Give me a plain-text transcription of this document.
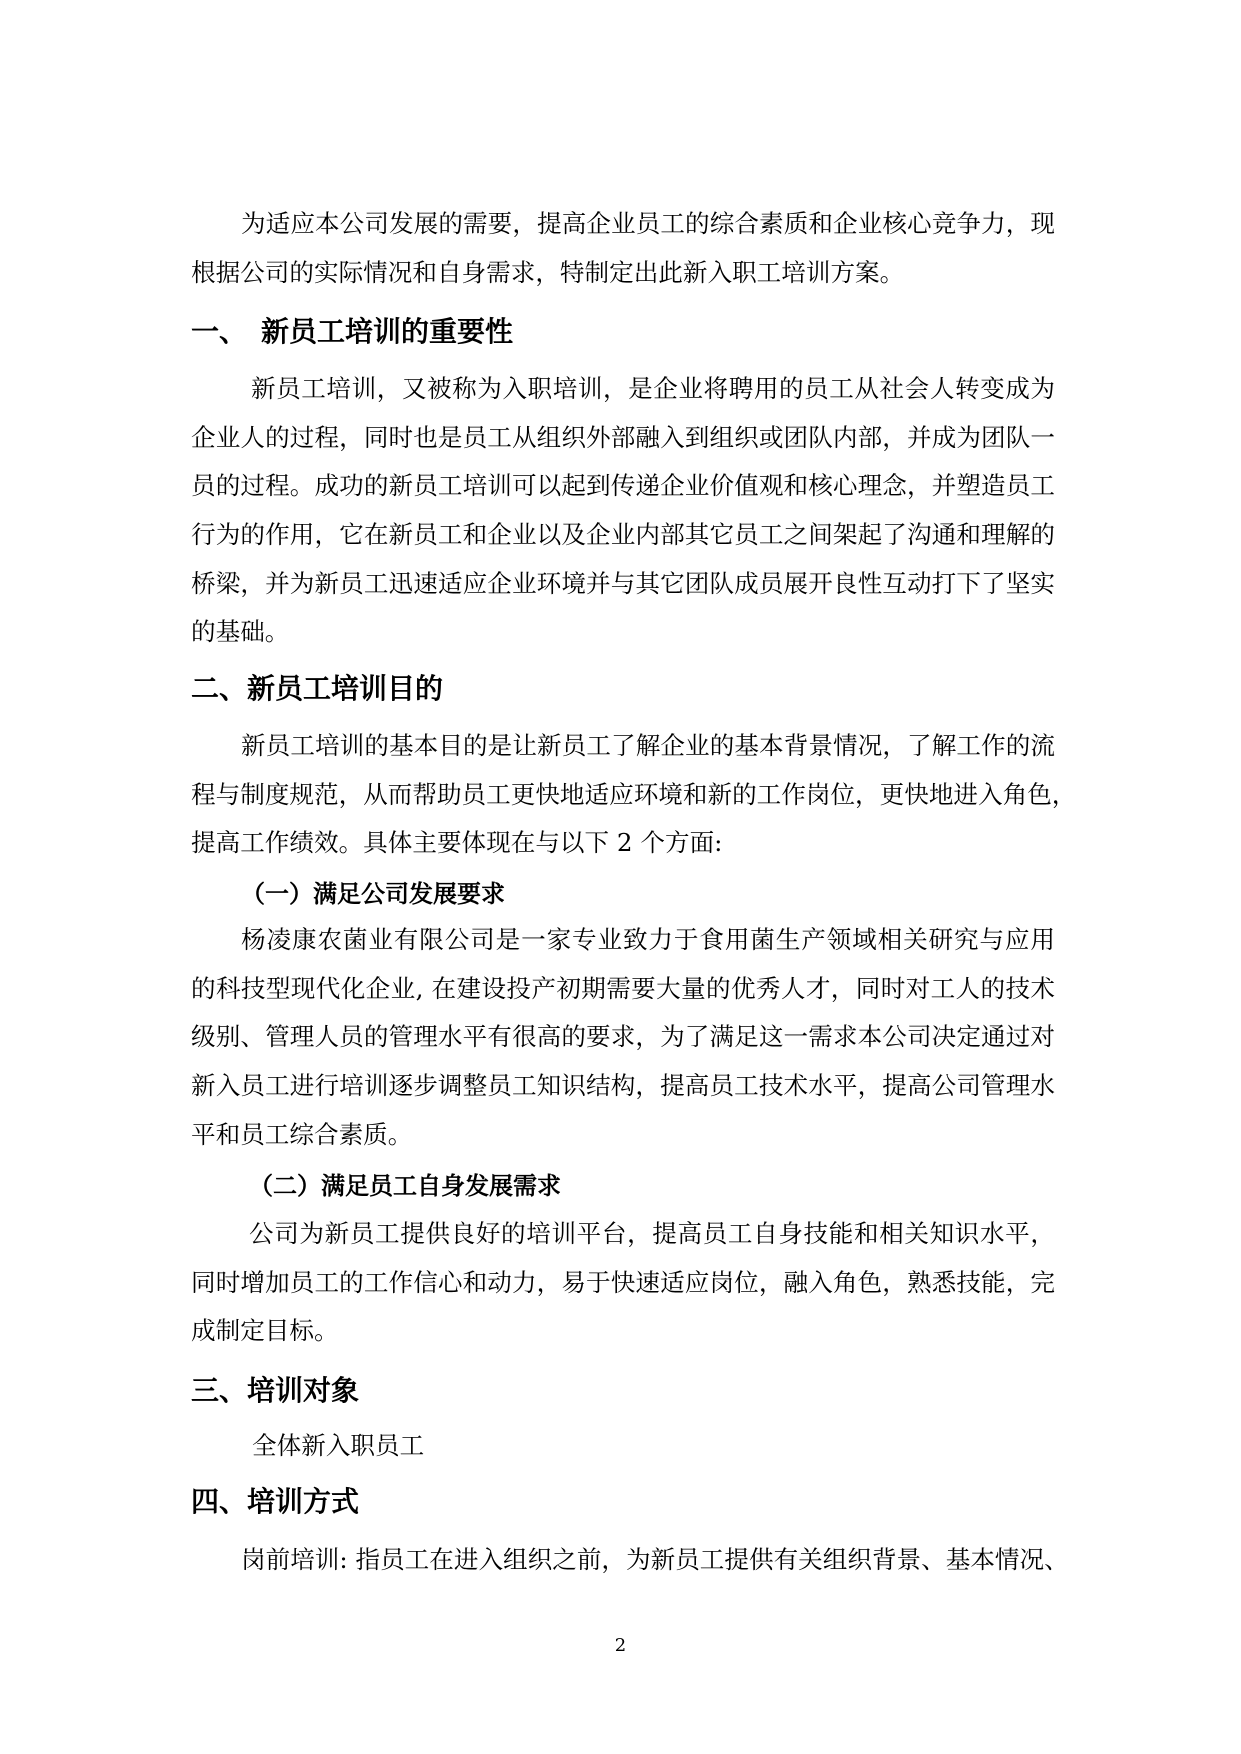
为适应本公司发展的需要，提高企业员工的综合素质和企业核心竞争力，现
根据公司的实际情况和自身需求，特制定出此新入职工培训方案。
一、 新员工培训的重要性
新员工培训，又被称为入职培训，是企业将聘用的员工从社会人转变成为
企业人的过程，同时也是员工从组织外部融入到组织或团队内部，并成为团队一
员的过程。成功的新员工培训可以起到传递企业价值观和核心理念，并塑造员工
行为的作用，它在新员工和企业以及企业内部其它员工之间架起了沟通和理解的
桥梁，并为新员工迅速适应企业环境并与其它团队成员展开良性互动打下了坚实
的基础。
二、新员工培训目的
新员工培训的基本目的是让新员工了解企业的基本背景情况，了解工作的流
程与制度规范，从而帮助员工更快地适应环境和新的工作岗位，更快地进入角色，
提高工作绩效。具体主要体现在与以下 2 个方面:
（一）满足公司发展要求
杨凌康农菌业有限公司是一家专业致力于食用菌生产领域相关研究与应用
的科技型现代化企业, 在建设投产初期需要大量的优秀人才，同时对工人的技术
级别、管理人员的管理水平有很高的要求，为了满足这一需求本公司决定通过对
新入员工进行培训逐步调整员工知识结构，提高员工技术水平，提高公司管理水
平和员工综合素质。
（二）满足员工自身发展需求
公司为新员工提供良好的培训平台，提高员工自身技能和相关知识水平，
同时增加员工的工作信心和动力，易于快速适应岗位，融入角色，熟悉技能，完
成制定目标。
三、培训对象
全体新入职员工
四、培训方式
岗前培训: 指员工在进入组织之前，为新员工提供有关组织背景、基本情况、
2
